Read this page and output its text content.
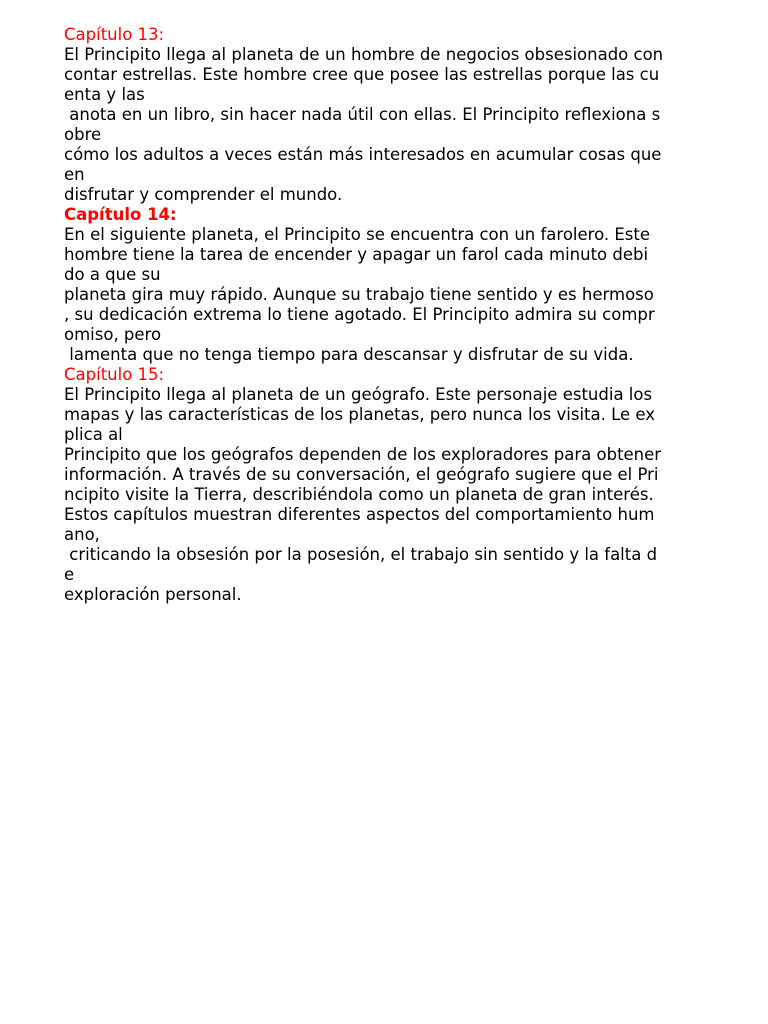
Capítulo 13:
El Principito llega al planeta de un hombre de negocios obsesionado con
contar estrellas. Este hombre cree que posee las estrellas porque las cu
enta y las
anota en un libro, sin hacer nada útil con ellas. El Principito reflexiona s
obre
cómo los adultos a veces están más interesados en acumular cosas que
en
disfrutar y comprender el mundo.
Capítulo 14:
En el siguiente planeta, el Principito se encuentra con un farolero. Este
hombre tiene la tarea de encender y apagar un farol cada minuto debi
do a que su
planeta gira muy rápido. Aunque su trabajo tiene sentido y es hermoso
, su dedicación extrema lo tiene agotado. El Principito admira su compr
omiso, pero
lamenta que no tenga tiempo para descansar y disfrutar de su vida.
Capítulo 15:
El Principito llega al planeta de un geógrafo. Este personaje estudia los
mapas y las características de los planetas, pero nunca los visita. Le ex
plica al
Principito que los geógrafos dependen de los exploradores para obtener
información. A través de su conversación, el geógrafo sugiere que el Pri
ncipito visite la Tierra, describiéndola como un planeta de gran interés.
Estos capítulos muestran diferentes aspectos del comportamiento hum
ano,
criticando la obsesión por la posesión, el trabajo sin sentido y la falta d
e
exploración personal.
